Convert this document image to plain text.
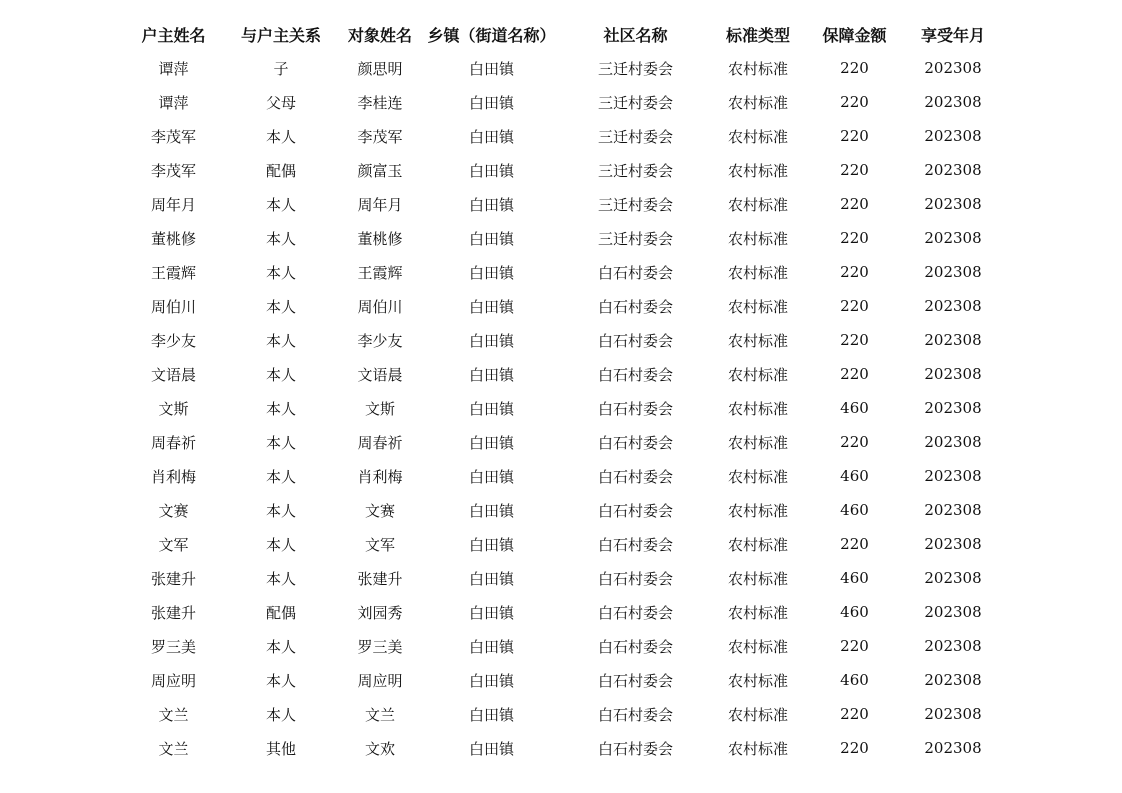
户主姓名	与户主关系	对象姓名	乡镇（街道名称）	社区名称	标准类型	保障金额	享受年月
谭萍	子	颜思明	白田镇	三迁村委会	农村标准	220	202308
谭萍	父母	李桂连	白田镇	三迁村委会	农村标准	220	202308
李茂军	本人	李茂军	白田镇	三迁村委会	农村标准	220	202308
李茂军	配偶	颜富玉	白田镇	三迁村委会	农村标准	220	202308
周年月	本人	周年月	白田镇	三迁村委会	农村标准	220	202308
董桃修	本人	董桃修	白田镇	三迁村委会	农村标准	220	202308
王霞辉	本人	王霞辉	白田镇	白石村委会	农村标准	220	202308
周伯川	本人	周伯川	白田镇	白石村委会	农村标准	220	202308
李少友	本人	李少友	白田镇	白石村委会	农村标准	220	202308
文语晨	本人	文语晨	白田镇	白石村委会	农村标准	220	202308
文斯	本人	文斯	白田镇	白石村委会	农村标准	460	202308
周春祈	本人	周春祈	白田镇	白石村委会	农村标准	220	202308
肖利梅	本人	肖利梅	白田镇	白石村委会	农村标准	460	202308
文赛	本人	文赛	白田镇	白石村委会	农村标准	460	202308
文军	本人	文军	白田镇	白石村委会	农村标准	220	202308
张建升	本人	张建升	白田镇	白石村委会	农村标准	460	202308
张建升	配偶	刘园秀	白田镇	白石村委会	农村标准	460	202308
罗三美	本人	罗三美	白田镇	白石村委会	农村标准	220	202308
周应明	本人	周应明	白田镇	白石村委会	农村标准	460	202308
文兰	本人	文兰	白田镇	白石村委会	农村标准	220	202308
文兰	其他	文欢	白田镇	白石村委会	农村标准	220	202308
